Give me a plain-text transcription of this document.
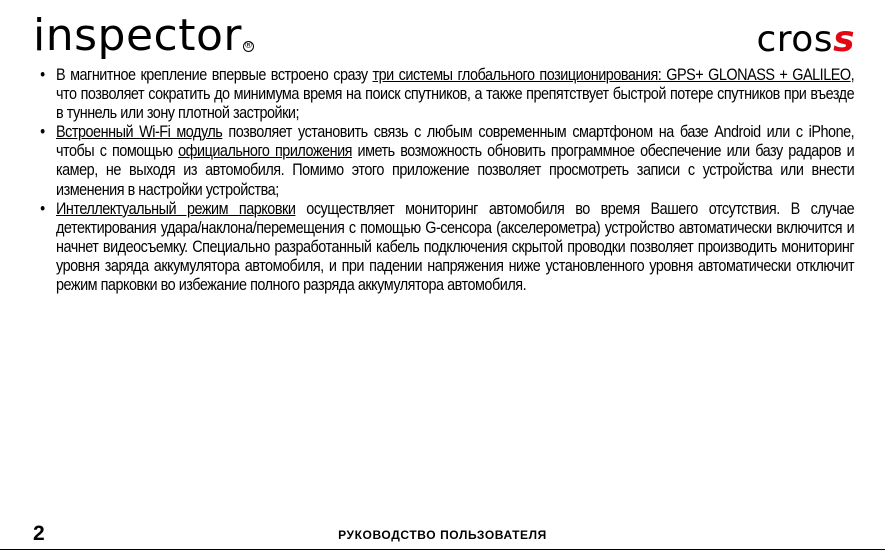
inspector ®	cross
• В магнитное крепление впервые встроено сразу три системы глобального позиционирования: GPS+ GLONASS + GALILEO, что позволяет сократить до минимума время на поиск спутников, а также препятствует быстрой потере спутников при въезде в туннель или зону плотной застройки;
• Встроенный Wi-Fi модуль позволяет установить связь с любым современным смартфоном на базе Android или с iPhone, чтобы с помощью официального приложения иметь возможность обновить программное обеспечение или базу радаров и камер, не выходя из автомобиля. Помимо этого приложение позволяет просмотреть записи с устройства или внести изменения в настройки устройства;
• Интеллектуальный режим парковки осуществляет мониторинг автомобиля во время Вашего отсутствия. В случае детектирования удара/наклона/перемещения с помощью G-сенсора (акселерометра) устройство автоматически включится и начнет видеосъемку. Специально разработанный кабель подключения скрытой проводки позволяет производить мониторинг уровня заряда аккумулятора автомобиля, и при падении напряжения ниже установленного уровня автоматически отключит режим парковки во избежание полного разряда аккумулятора автомобиля.
2	РУКОВОДСТВО ПОЛЬЗОВАТЕЛЯ
